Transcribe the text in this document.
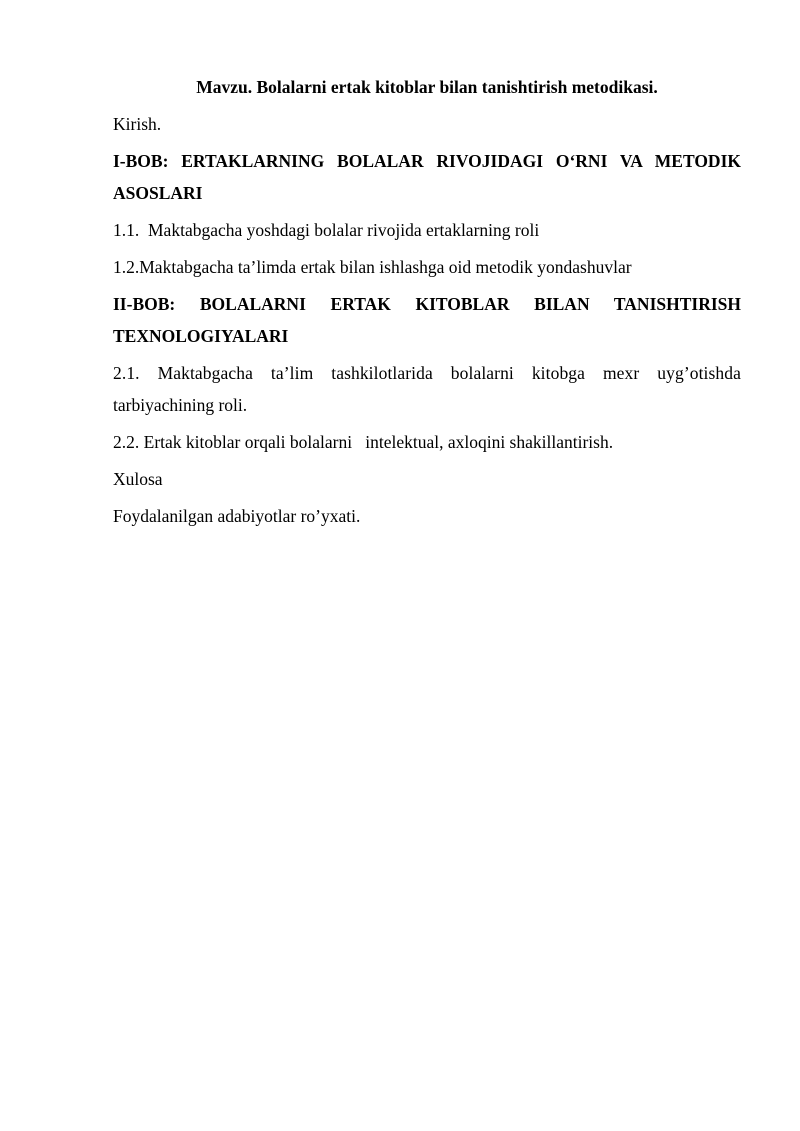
Mavzu. Bolalarni ertak kitoblar bilan tanishtirish metodikasi.
Kirish.
I-BOB: ERTAKLARNING BOLALAR RIVOJIDAGI O‘RNI VA METODIK
ASOSLARI
1.1.  Maktabgacha yoshdagi bolalar rivojida ertaklarning roli
1.2.Maktabgacha ta’limda ertak bilan ishlashga oid metodik yondashuvlar
II-BOB: BOLALARNI ERTAK KITOBLAR BILAN TANISHTIRISH
TEXNOLOGIYALARI
2.1. Maktabgacha ta’lim tashkilotlarida bolalarni kitobga mexr uyg’otishda
tarbiyachining roli.
2.2. Ertak kitoblar orqali bolalarni   intelektual, axloqini shakillantirish.
Xulosa
Foydalanilgan adabiyotlar ro’yxati.
